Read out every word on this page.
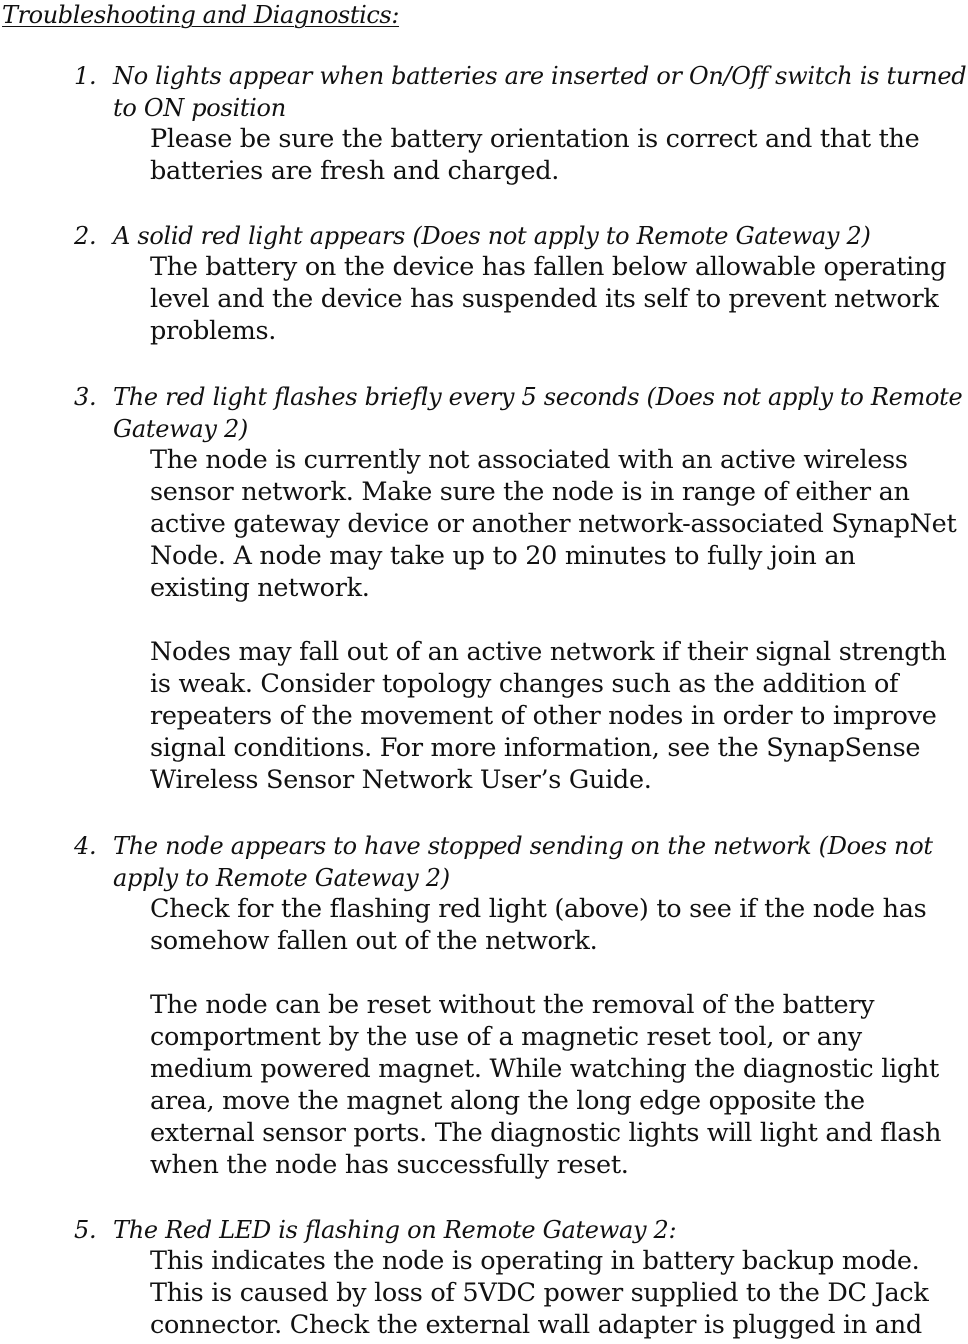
Troubleshooting and Diagnostics:
1. No lights appear when batteries are inserted or On/Off switch is turned
to ON position
Please be sure the battery orientation is correct and that the
batteries are fresh and charged.
2. A solid red light appears (Does not apply to Remote Gateway 2)
The battery on the device has fallen below allowable operating
level and the device has suspended its self to prevent network
problems.
3. The red light flashes briefly every 5 seconds (Does not apply to Remote
Gateway 2)
The node is currently not associated with an active wireless
sensor network. Make sure the node is in range of either an
active gateway device or another network-associated SynapNet
Node. A node may take up to 20 minutes to fully join an
existing network.
Nodes may fall out of an active network if their signal strength
is weak. Consider topology changes such as the addition of
repeaters of the movement of other nodes in order to improve
signal conditions. For more information, see the SynapSense
Wireless Sensor Network User’s Guide.
4. The node appears to have stopped sending on the network (Does not
apply to Remote Gateway 2)
Check for the flashing red light (above) to see if the node has
somehow fallen out of the network.
The node can be reset without the removal of the battery
comportment by the use of a magnetic reset tool, or any
medium powered magnet. While watching the diagnostic light
area, move the magnet along the long edge opposite the
external sensor ports. The diagnostic lights will light and flash
when the node has successfully reset.
5. The Red LED is flashing on Remote Gateway 2:
This indicates the node is operating in battery backup mode.
This is caused by loss of 5VDC power supplied to the DC Jack
connector. Check the external wall adapter is plugged in and
